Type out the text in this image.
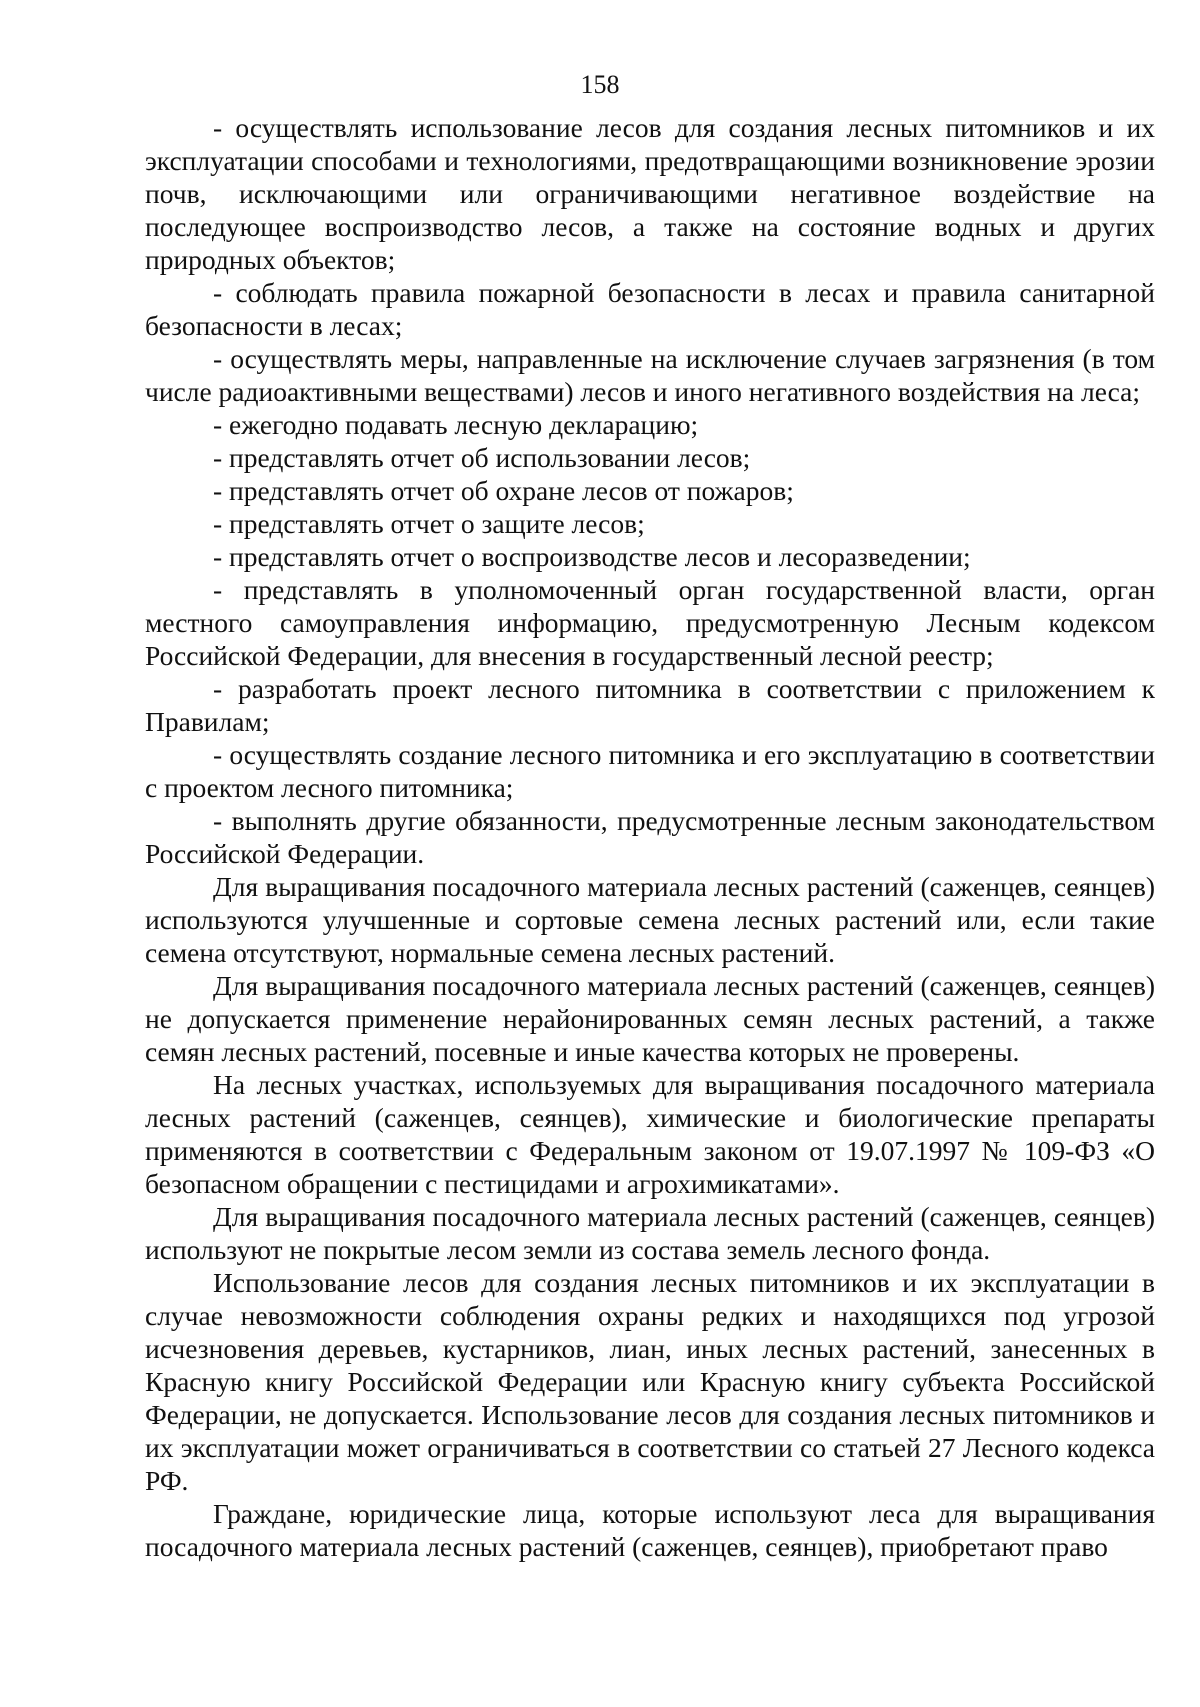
158

- осуществлять использование лесов для создания лесных питомников и их эксплуатации способами и технологиями, предотвращающими возникновение эрозии почв, исключающими или ограничивающими негативное воздействие на последующее воспроизводство лесов, а также на состояние водных и других природных объектов;

- соблюдать правила пожарной безопасности в лесах и правила санитарной безопасности в лесах;

- осуществлять меры, направленные на исключение случаев загрязнения (в том числе радиоактивными веществами) лесов и иного негативного воздействия на леса;

- ежегодно подавать лесную декларацию;

- представлять отчет об использовании лесов;

- представлять отчет об охране лесов от пожаров;

- представлять отчет о защите лесов;

- представлять отчет о воспроизводстве лесов и лесоразведении;

- представлять в уполномоченный орган государственной власти, орган местного самоуправления информацию, предусмотренную Лесным кодексом Российской Федерации, для внесения в государственный лесной реестр;

- разработать проект лесного питомника в соответствии с приложением к Правилам;

- осуществлять создание лесного питомника и его эксплуатацию в соответствии с проектом лесного питомника;

- выполнять другие обязанности, предусмотренные лесным законодательством Российской Федерации.

Для выращивания посадочного материала лесных растений (саженцев, сеянцев) используются улучшенные и сортовые семена лесных растений или, если такие семена отсутствуют, нормальные семена лесных растений.

Для выращивания посадочного материала лесных растений (саженцев, сеянцев) не допускается применение нерайонированных семян лесных растений, а также семян лесных растений, посевные и иные качества которых не проверены.

На лесных участках, используемых для выращивания посадочного материала лесных растений (саженцев, сеянцев), химические и биологические препараты применяются в соответствии с Федеральным законом от 19.07.1997 № 109-ФЗ «О безопасном обращении с пестицидами и агрохимикатами».

Для выращивания посадочного материала лесных растений (саженцев, сеянцев) используют не покрытые лесом земли из состава земель лесного фонда.

Использование лесов для создания лесных питомников и их эксплуатации в случае невозможности соблюдения охраны редких и находящихся под угрозой исчезновения деревьев, кустарников, лиан, иных лесных растений, занесенных в Красную книгу Российской Федерации или Красную книгу субъекта Российской Федерации, не допускается. Использование лесов для создания лесных питомников и их эксплуатации может ограничиваться в соответствии со статьей 27 Лесного кодекса РФ.

Граждане, юридические лица, которые используют леса для выращивания посадочного материала лесных растений (саженцев, сеянцев), приобретают право
